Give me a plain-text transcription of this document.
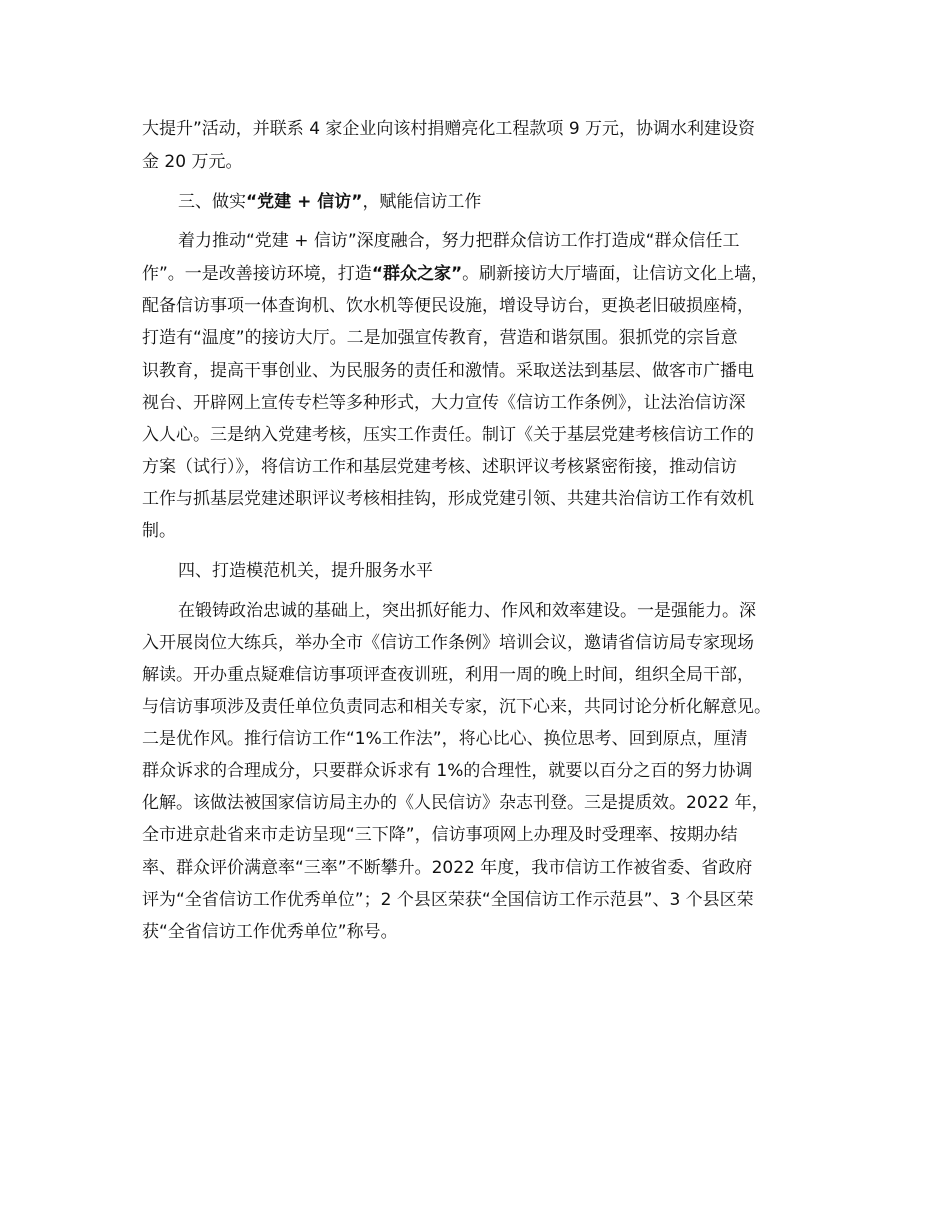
大提升”活动，并联系 4 家企业向该村捐赠亮化工程款项 9 万元，协调水利建设资

金 20 万元。

三、做实“党建 + 信访”，赋能信访工作

着力推动“党建 + 信访”深度融合，努力把群众信访工作打造成“群众信任工

作”。一是改善接访环境，打造“群众之家”。刷新接访大厅墙面，让信访文化上墙，

配备信访事项一体查询机、饮水机等便民设施，增设导访台，更换老旧破损座椅，

打造有“温度”的接访大厅。二是加强宣传教育，营造和谐氛围。狠抓党的宗旨意

识教育，提高干事创业、为民服务的责任和激情。采取送法到基层、做客市广播电

视台、开辟网上宣传专栏等多种形式，大力宣传《信访工作条例》，让法治信访深

入人心。三是纳入党建考核，压实工作责任。制订《关于基层党建考核信访工作的

方案（试行）》，将信访工作和基层党建考核、述职评议考核紧密衔接，推动信访

工作与抓基层党建述职评议考核相挂钩，形成党建引领、共建共治信访工作有效机

制。

四、打造模范机关，提升服务水平

在锻铸政治忠诚的基础上，突出抓好能力、作风和效率建设。一是强能力。深

入开展岗位大练兵，举办全市《信访工作条例》培训会议，邀请省信访局专家现场

解读。开办重点疑难信访事项评查夜训班，利用一周的晚上时间，组织全局干部，

与信访事项涉及责任单位负责同志和相关专家，沉下心来，共同讨论分析化解意见。

二是优作风。推行信访工作“1%工作法”，将心比心、换位思考、回到原点，厘清

群众诉求的合理成分，只要群众诉求有 1%的合理性，就要以百分之百的努力协调

化解。该做法被国家信访局主办的《人民信访》杂志刊登。三是提质效。2022 年，

全市进京赴省来市走访呈现“三下降”，信访事项网上办理及时受理率、按期办结

率、群众评价满意率“三率”不断攀升。2022 年度，我市信访工作被省委、省政府

评为“全省信访工作优秀单位”；2 个县区荣获“全国信访工作示范县”、3 个县区荣

获“全省信访工作优秀单位”称号。
